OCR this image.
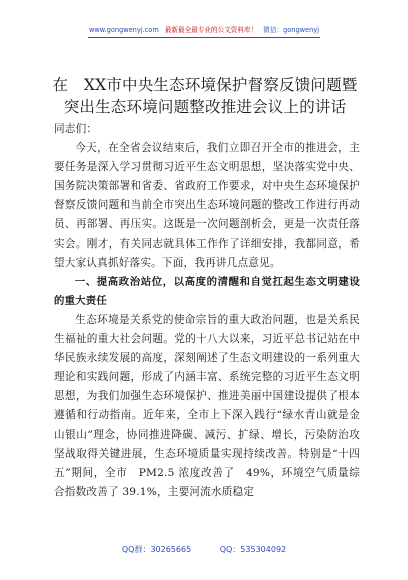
www.gongwenyj.com 最新最全最专业的公文资料库！ 微信：gongwenyj
在　XX市中央生态环境保护督察反馈问题暨
突出生态环境问题整改推进会议上的讲话

同志们：

今天，在全省会议结束后，我们立即召开全市的推进会，主要任务是深入学习贯彻习近平生态文明思想，坚决落实党中央、国务院决策部署和省委、省政府工作要求，对中央生态环境保护督察反馈问题和当前全市突出生态环境问题的整改工作进行再动员、再部署、再压实。这既是一次问题剖析会，更是一次责任落实会。刚才，有关同志就具体工作作了详细安排，我都同意，希望大家认真抓好落实。下面，我再讲几点意见。

一、提高政治站位，以高度的清醒和自觉扛起生态文明建设的重大责任

生态环境是关系党的使命宗旨的重大政治问题，也是关系民生福祉的重大社会问题。党的十八大以来，习近平总书记站在中华民族永续发展的高度，深刻阐述了生态文明建设的一系列重大理论和实践问题，形成了内涵丰富、系统完整的习近平生态文明思想，为我们加强生态环境保护、推进美丽中国建设提供了根本遵循和行动指南。近年来，全市上下深入践行“绿水青山就是金山银山”理念，协同推进降碳、减污、扩绿、增长，污染防治攻坚战取得关键进展，生态环境质量实现持续改善。特别是“十四五”期间，全市　PM2.5 浓度改善了　49%，环境空气质量综合指数改善了 39.1%，主要河流水质稳定

QQ群：30265665	QQ：535304092
